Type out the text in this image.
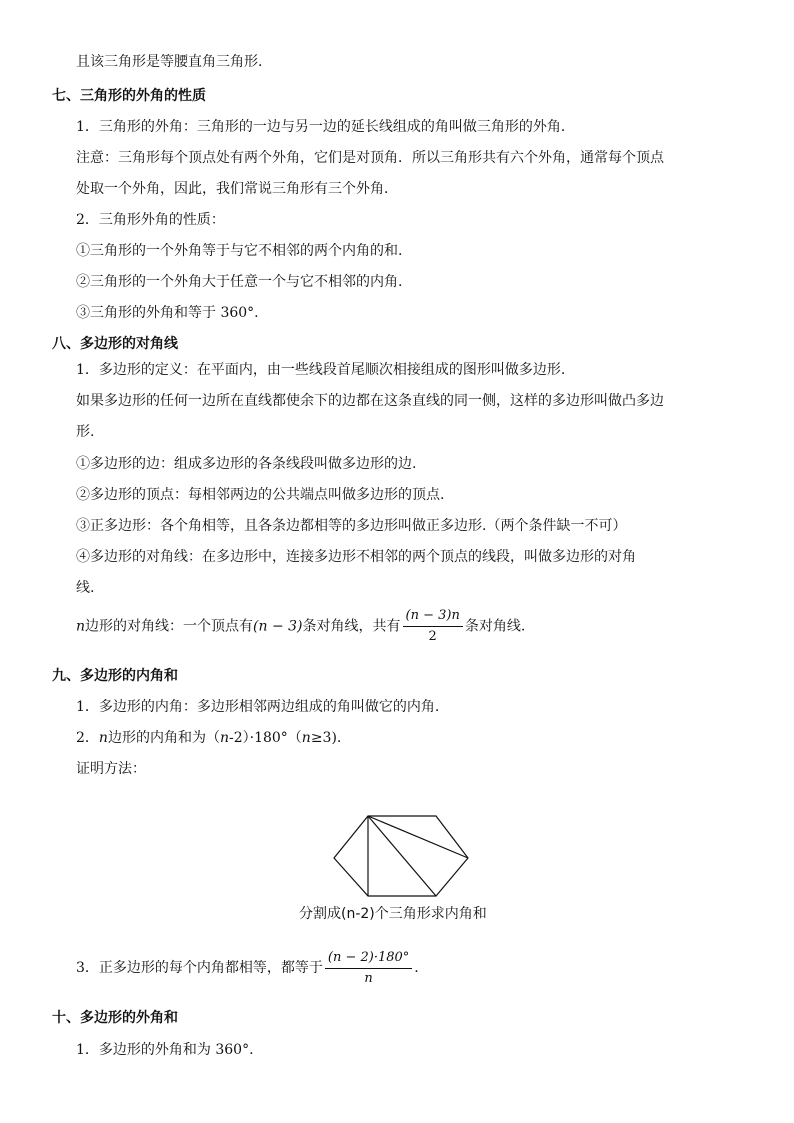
且该三角形是等腰直角三角形.
七、三角形的外角的性质
1．三角形的外角：三角形的一边与另一边的延长线组成的角叫做三角形的外角．
注意：三角形每个顶点处有两个外角，它们是对顶角．所以三角形共有六个外角，通常每个顶点
处取一个外角，因此，我们常说三角形有三个外角．
2．三角形外角的性质：
①三角形的一个外角等于与它不相邻的两个内角的和.
②三角形的一个外角大于任意一个与它不相邻的内角.
③三角形的外角和等于 360°.
八、多边形的对角线
1．多边形的定义：在平面内，由一些线段首尾顺次相接组成的图形叫做多边形.
如果多边形的任何一边所在直线都使余下的边都在这条直线的同一侧，这样的多边形叫做凸多边
形.
①多边形的边：组成多边形的各条线段叫做多边形的边.
②多边形的顶点：每相邻两边的公共端点叫做多边形的顶点.
③正多边形：各个角相等，且各条边都相等的多边形叫做正多边形.（两个条件缺一不可）
④多边形的对角线：在多边形中，连接多边形不相邻的两个顶点的线段，叫做多边形的对角
线.
n边形的对角线：一个顶点有(n − 3)条对角线，共有 $\frac{(n - 3)n}{2}$ 条对角线.
九、多边形的内角和
1．多边形的内角：多边形相邻两边组成的角叫做它的内角.
2．n边形的内角和为（n-2）·180°（n≥3).
证明方法：
分割成(n-2)个三角形求内角和
3．正多边形的每个内角都相等，都等于 $\frac{(n - 2)\cdot 180^\circ}{n}$ .
十、多边形的外角和
1．多边形的外角和为 360°.
